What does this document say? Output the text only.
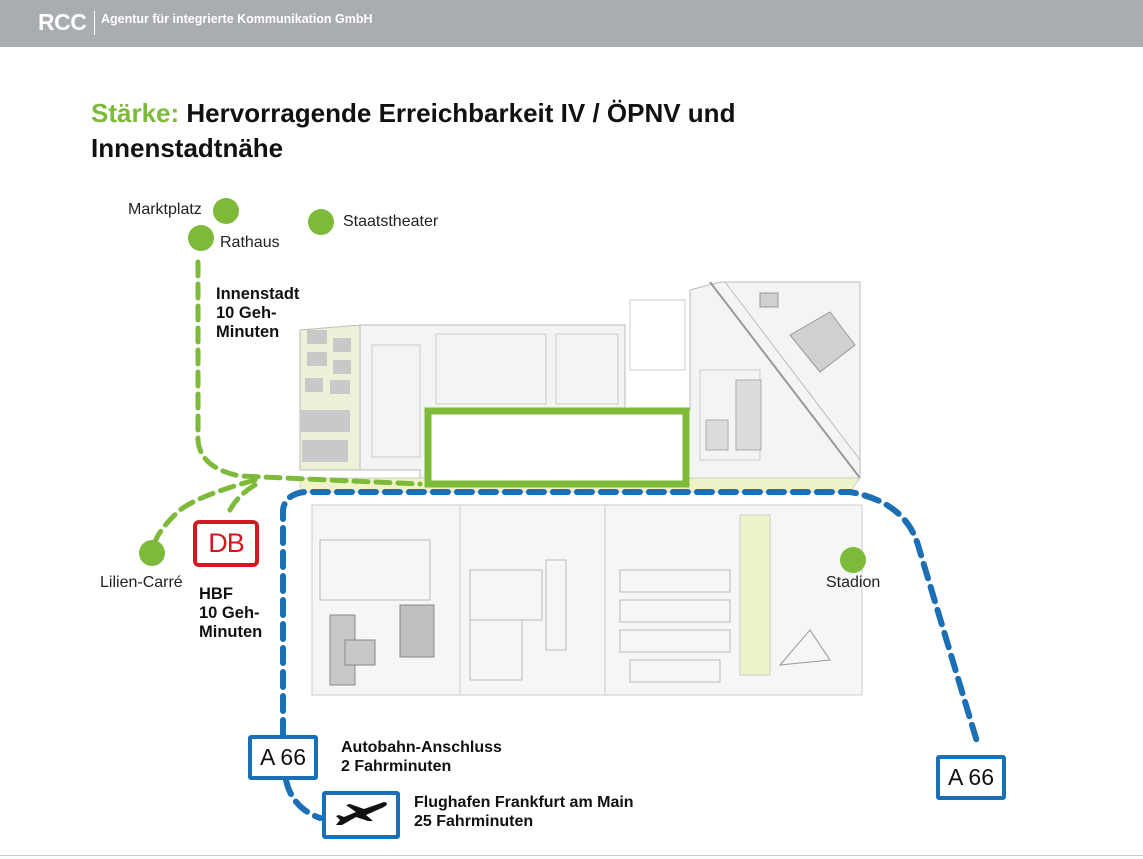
RCC Agentur für integrierte Kommunikation GmbH
Stärke: Hervorragende Erreichbarkeit IV / ÖPNV und Innenstadtnähe
Marktplatz
Rathaus
Staatstheater
Lilien-Carré	Stadion
Innenstadt
10 Geh-
Minuten
HBF
10 Geh-
Minuten
Autobahn-Anschluss
2 Fahrminuten
Flughafen Frankfurt am Main
25 Fahrminuten
DB
A 66
A 66
